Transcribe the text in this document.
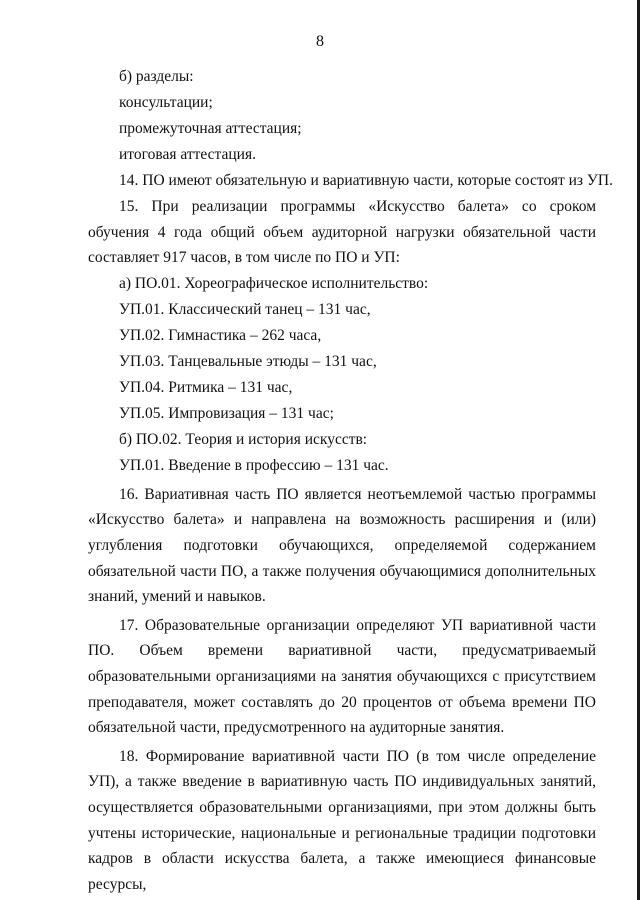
8
б) разделы:
консультации;
промежуточная аттестация;
итоговая аттестация.
14. ПО имеют обязательную и вариативную части, которые состоят из УП.

15. При реализации программы «Искусство балета» со сроком обучения 4 года общий объем аудиторной нагрузки обязательной части составляет 917 часов, в том числе по ПО и УП:

а) ПО.01. Хореографическое исполнительство:
УП.01. Классический танец – 131 час,
УП.02. Гимнастика – 262 часа,
УП.03. Танцевальные этюды – 131 час,
УП.04. Ритмика – 131 час,
УП.05. Импровизация – 131 час;
б) ПО.02. Теория и история искусств:
УП.01. Введение в профессию – 131 час.

16. Вариативная часть ПО является неотъемлемой частью программы «Искусство балета» и направлена на возможность расширения и (или) углубления подготовки обучающихся, определяемой содержанием обязательной части ПО, а также получения обучающимися дополнительных знаний, умений и навыков.

17. Образовательные организации определяют УП вариативной части ПО. Объем времени вариативной части, предусматриваемый образовательными организациями на занятия обучающихся с присутствием преподавателя, может составлять до 20 процентов от объема времени ПО обязательной части, предусмотренного на аудиторные занятия.

18. Формирование вариативной части ПО (в том числе определение УП), а также введение в вариативную часть ПО индивидуальных занятий, осуществляется образовательными организациями, при этом должны быть учтены исторические, национальные и региональные традиции подготовки кадров в области искусства балета, а также имеющиеся финансовые ресурсы,
